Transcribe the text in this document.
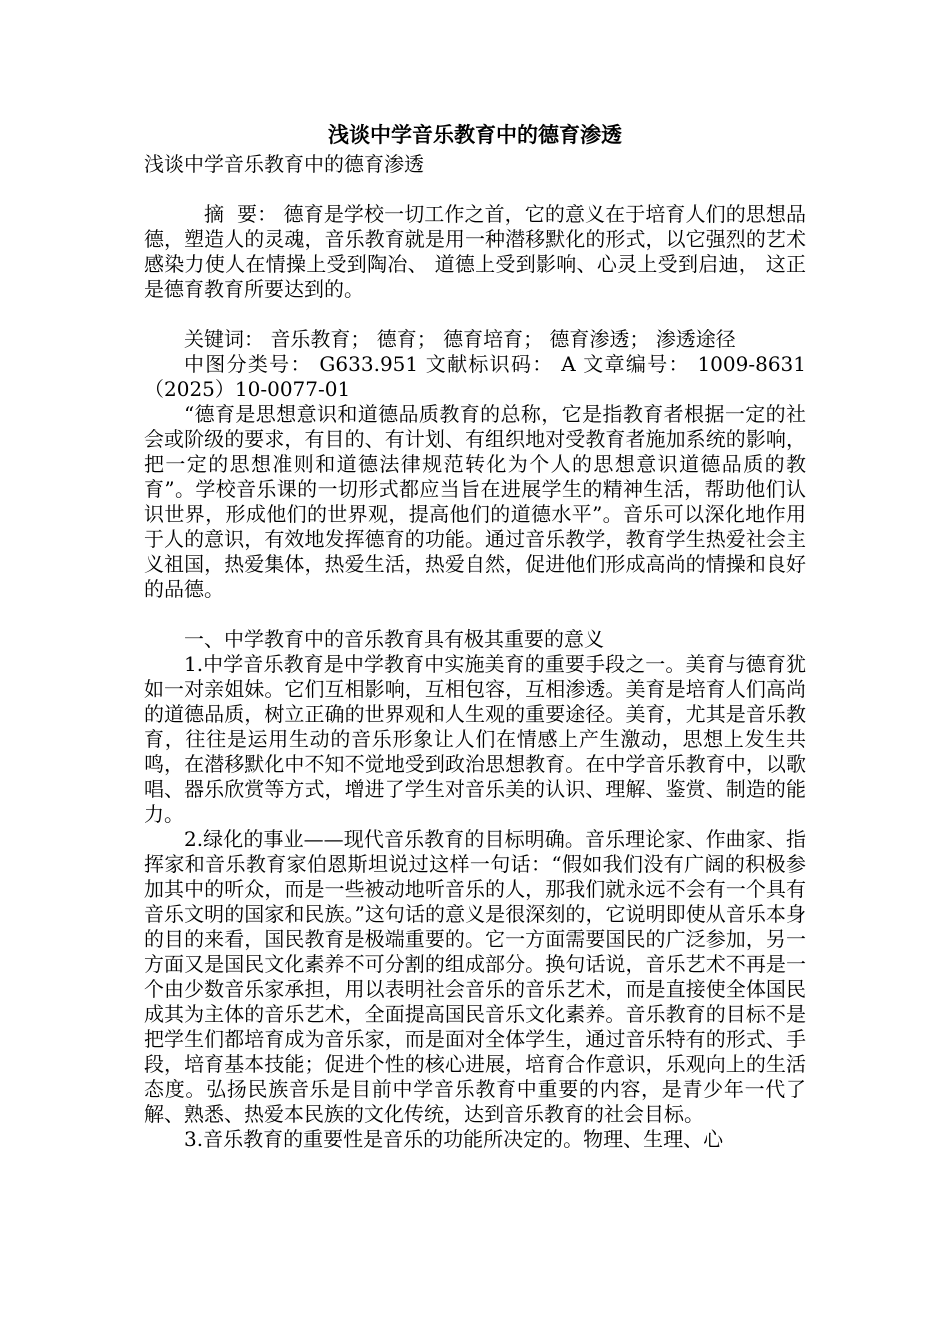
浅谈中学音乐教育中的德育渗透

浅谈中学音乐教育中的德育渗透

摘  要： 德育是学校一切工作之首，它的意义在于培育人们的思想品德，塑造人的灵魂，音乐教育就是用一种潜移默化的形式，以它强烈的艺术感染力使人在情操上受到陶冶、 道德上受到影响、心灵上受到启迪， 这正是德育教育所要达到的。

关键词： 音乐教育； 德育； 德育培育； 德育渗透； 渗透途径

中图分类号： G633.951 文献标识码： A 文章编号： 1009-8631（2025）10-0077-01

“德育是思想意识和道德品质教育的总称，它是指教育者根据一定的社会或阶级的要求，有目的、有计划、有组织地对受教育者施加系统的影响，把一定的思想准则和道德法律规范转化为个人的思想意识道德品质的教育”。学校音乐课的一切形式都应当旨在进展学生的精神生活，帮助他们认识世界，形成他们的世界观，提高他们的道德水平”。音乐可以深化地作用于人的意识，有效地发挥德育的功能。通过音乐教学，教育学生热爱社会主义祖国，热爱集体，热爱生活，热爱自然，促进他们形成高尚的情操和良好的品德。

一、中学教育中的音乐教育具有极其重要的意义

1.中学音乐教育是中学教育中实施美育的重要手段之一。美育与德育犹如一对亲姐妹。它们互相影响，互相包容，互相渗透。美育是培育人们高尚的道德品质，树立正确的世界观和人生观的重要途径。美育，尤其是音乐教育，往往是运用生动的音乐形象让人们在情感上产生激动，思想上发生共鸣，在潜移默化中不知不觉地受到政治思想教育。在中学音乐教育中，以歌唱、器乐欣赏等方式，增进了学生对音乐美的认识、理解、鉴赏、制造的能力。

2.绿化的事业——现代音乐教育的目标明确。音乐理论家、作曲家、指挥家和音乐教育家伯恩斯坦说过这样一句话：“假如我们没有广阔的积极参加其中的听众，而是一些被动地听音乐的人，那我们就永远不会有一个具有音乐文明的国家和民族。”这句话的意义是很深刻的，它说明即使从音乐本身的目的来看，国民教育是极端重要的。它一方面需要国民的广泛参加，另一方面又是国民文化素养不可分割的组成部分。换句话说，音乐艺术不再是一个由少数音乐家承担，用以表明社会音乐的音乐艺术，而是直接使全体国民成其为主体的音乐艺术，全面提高国民音乐文化素养。音乐教育的目标不是把学生们都培育成为音乐家，而是面对全体学生，通过音乐特有的形式、手段，培育基本技能；促进个性的核心进展，培育合作意识，乐观向上的生活态度。弘扬民族音乐是目前中学音乐教育中重要的内容，是青少年一代了解、熟悉、热爱本民族的文化传统，达到音乐教育的社会目标。

3.音乐教育的重要性是音乐的功能所决定的。物理、生理、心
